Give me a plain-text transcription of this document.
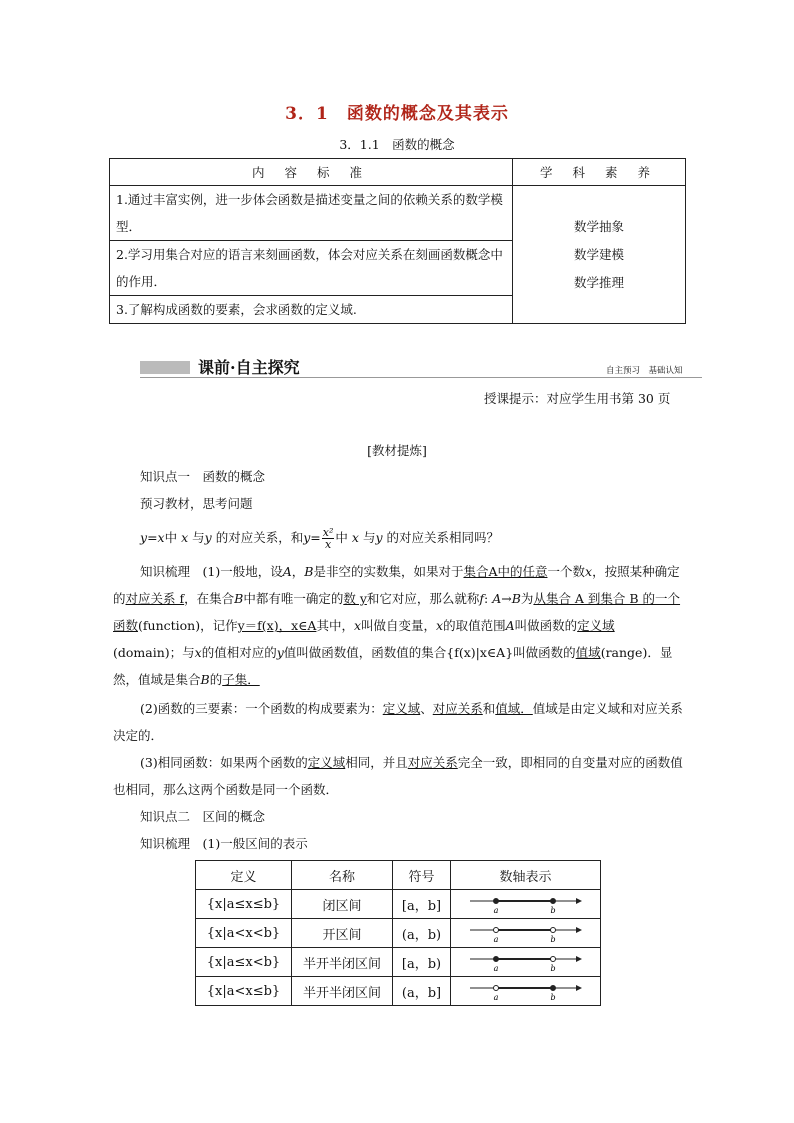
3．1　函数的概念及其表示
3．1.1　函数的概念
内 容 标 准	学 科 素 养
1.通过丰富实例，进一步体会函数是描述变量之间的依赖关系的数学模型．	数学抽象
数学建模
数学推理

2.学习用集合对应的语言来刻画函数，体会对应关系在刻画函数概念中的作用．	
3.了解构成函数的要素，会求函数的定义域.	
课前·自主探究	自主预习　基础认知
授课提示：对应学生用书第 30 页
[教材提炼]
知识点一　函数的概念
预习教材，思考问题
y=x中 x 与y 的对应关系，和$y= \frac{\text{x²}}{x}$ 中 x 与y 的对应关系相同吗？
知识梳理　(1)一般地，设A，B是非空的实数集，如果对于集合A中的任意一个数x，按照某种确定的对应关系 f，在集合B中都有唯一确定的数 y和它对应，那么就称f: A→B为从集合 A 到集合 B 的一个函数(function)，记作y＝f(x)，x∈A其中，x叫做自变量，x的取值范围A叫做函数的定义域(domain)；与x的值相对应的y值叫做函数值，函数值的集合{f(x)|x∈A}叫做函数的值域(range)．显然，值域是集合B的子集．
(2)函数的三要素：一个函数的构成要素为：定义域、对应关系和值域．值域是由定义域和对应关系决定的．
(3)相同函数：如果两个函数的定义域相同，并且对应关系完全一致，即相同的自变量对应的函数值也相同，那么这两个函数是同一个函数．
知识点二　区间的概念
知识梳理　(1)一般区间的表示
定义	名称	符号	数轴表示
{x|a≤x≤b}	闭区间	[a，b]	a b

{x|a<x<b}	开区间	(a，b)	a b

{x|a≤x<b}	半开半闭区间	[a，b)	a b

{x|a<x≤b}	半开半闭区间	(a，b]	a b
